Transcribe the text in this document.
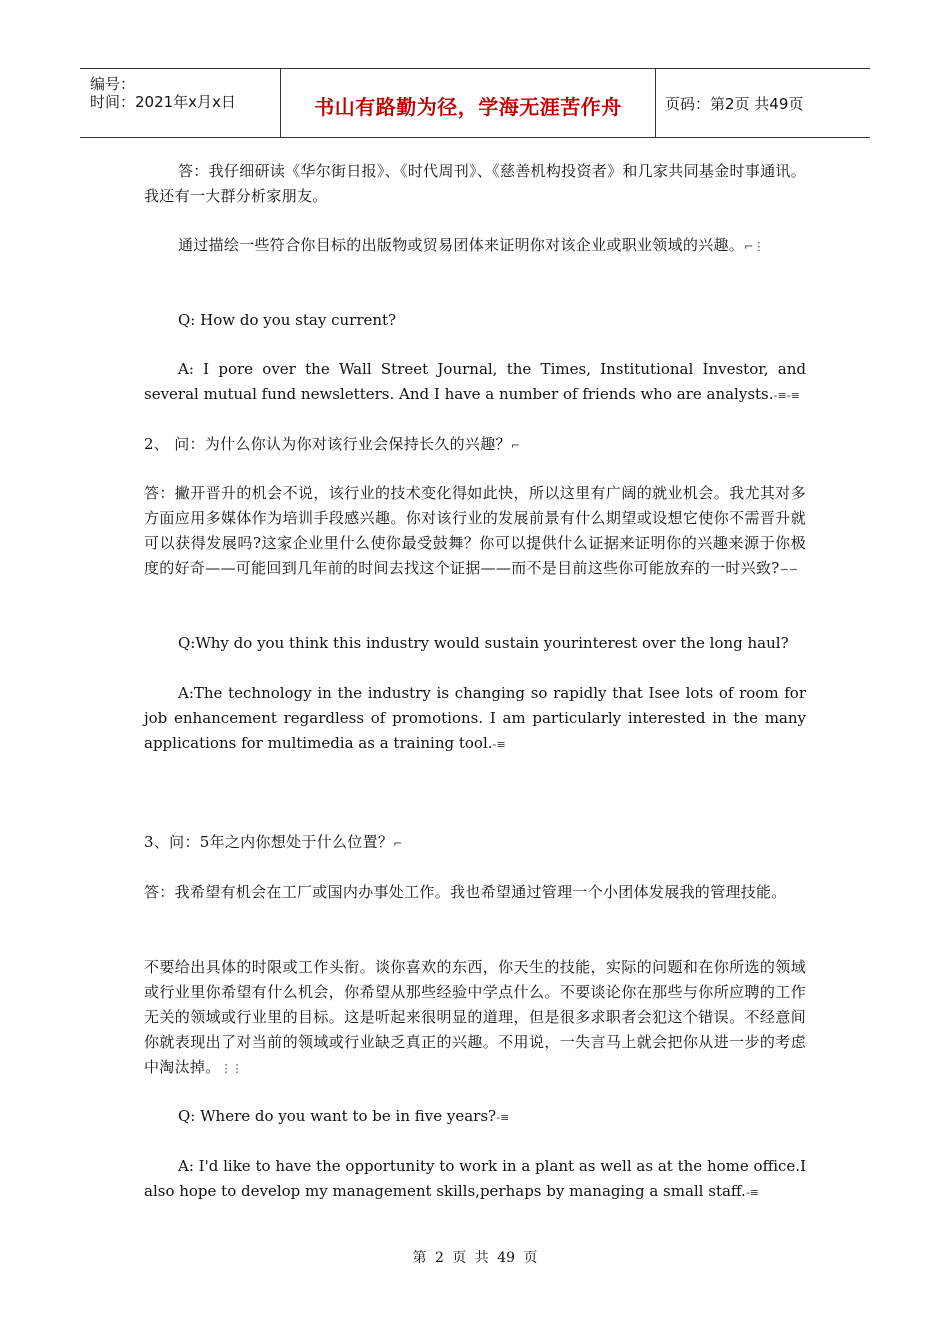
编号：
时间：2021年x月x日	书山有路勤为径，学海无涯苦作舟	页码：第2页 共49页

答：我仔细研读《华尔街日报》、《时代周刊》、《慈善机构投资者》和几家共同基金时事通讯。我还有一大群分析家朋友。

通过描绘一些符合你目标的出版物或贸易团体来证明你对该企业或职业领域的兴趣。⌐⋮

Q: How do you stay current?

A: I pore over the Wall Street Journal, the Times, Institutional Investor, and several mutual fund newsletters. And I have a number of friends who are analysts.-≡-≡

2、 问：为什么你认为你对该行业会保持长久的兴趣？⌐

答：撇开晋升的机会不说，该行业的技术变化得如此快，所以这里有广阔的就业机会。我尤其对多方面应用多媒体作为培训手段感兴趣。你对该行业的发展前景有什么期望或设想它使你不需晋升就可以获得发展吗?这家企业里什么使你最受鼓舞？你可以提供什么证据来证明你的兴趣来源于你极度的好奇——可能回到几年前的时间去找这个证据——而不是目前这些你可能放弃的一时兴致?∽∽

Q:Why do you think this industry would sustain yourinterest over the long haul?

A:The technology in the industry is changing so rapidly that Isee lots of room for job enhancement regardless of promotions. I am particularly interested in the many applications for multimedia as a training tool.-≡

3、问：5年之内你想处于什么位置？⌐

答：我希望有机会在工厂或国内办事处工作。我也希望通过管理一个小团体发展我的管理技能。

不要给出具体的时限或工作头衔。谈你喜欢的东西，你天生的技能，实际的问题和在你所选的领域或行业里你希望有什么机会，你希望从那些经验中学点什么。不要谈论你在那些与你所应聘的工作无关的领域或行业里的目标。这是听起来很明显的道理，但是很多求职者会犯这个错误。不经意间你就表现出了对当前的领域或行业缺乏真正的兴趣。不用说，一失言马上就会把你从进一步的考虑中淘汰掉。⋮⋮

Q: Where do you want to be in five years?-≡

A: I'd like to have the opportunity to work in a plant as well as at the home office.I also hope to develop my management skills,perhaps by managing a small staff.-≡

第 2 页 共 49 页
